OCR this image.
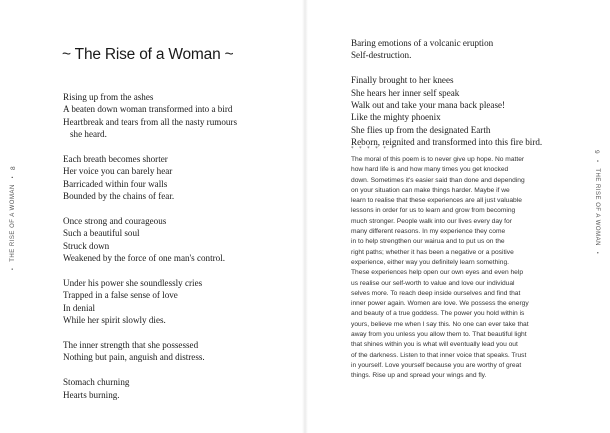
•
THE RISE OF A WOMAN
•
8
9
•
THE RISE OF A WOMAN
•
~ The Rise of a Woman ~
Rising up from the ashes
A beaten down woman transformed into a bird
Heartbreak and tears from all the nasty rumours
she heard.
Each breath becomes shorter
Her voice you can barely hear
Barricaded within four walls
Bounded by the chains of fear.
Once strong and courageous
Such a beautiful soul
Struck down
Weakened by the force of one man's control.
Under his power she soundlessly cries
Trapped in a false sense of love
In denial
While her spirit slowly dies.
The inner strength that she possessed
Nothing but pain, anguish and distress.
Stomach churning
Hearts burning.
Baring emotions of a volcanic eruption
Self-destruction.
Finally brought to her knees
She hears her inner self speak
Walk out and take your mana back please!
Like the mighty phoenix
She flies up from the designated Earth
Reborn, reignited and transformed into this fire bird.
* * * * * *
The moral of this poem is to never give up hope. No matter
how hard life is and how many times you get knocked
down. Sometimes it's easier said than done and depending
on your situation can make things harder. Maybe if we
learn to realise that these experiences are all just valuable
lessons in order for us to learn and grow from becoming
much stronger. People walk into our lives every day for
many different reasons. In my experience they come
in to help strengthen our wairua and to put us on the
right paths; whether it has been a negative or a positive
experience, either way you definitely learn something.
These experiences help open our own eyes and even help
us realise our self-worth to value and love our individual
selves more. To reach deep inside ourselves and find that
inner power again. Women are love. We possess the energy
and beauty of a true goddess. The power you hold within is
yours, believe me when I say this. No one can ever take that
away from you unless you allow them to. That beautiful light
that shines within you is what will eventually lead you out
of the darkness. Listen to that inner voice that speaks. Trust
in yourself. Love yourself because you are worthy of great
things. Rise up and spread your wings and fly.
